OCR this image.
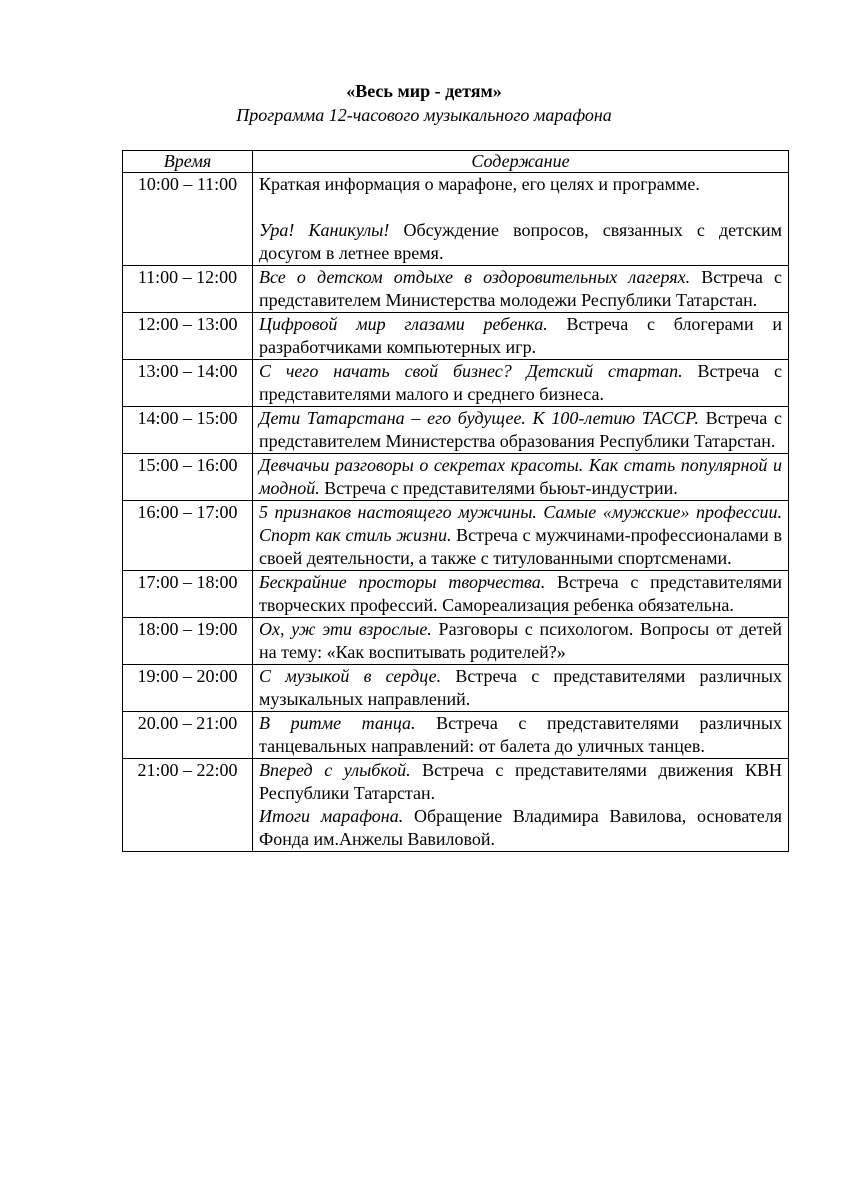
«Весь мир - детям»
Программа 12-часового музыкального марафона
Время	Содержание
10:00 – 11:00	Краткая информация о марафоне, его целях и программе.
Ура! Каникулы! Обсуждение вопросов, связанных с детским досугом в летнее время.

11:00 – 12:00	Все о детском отдыхе в оздоровительных лагерях. Встреча с представителем Министерства молодежи Республики Татарстан.
12:00 – 13:00	Цифровой мир глазами ребенка. Встреча с блогерами и разработчиками компьютерных игр.
13:00 – 14:00	С чего начать свой бизнес? Детский стартап. Встреча с представителями малого и среднего бизнеса.
14:00 – 15:00	Дети Татарстана – его будущее. К 100-летию ТАССР. Встреча с представителем Министерства образования Республики Татарстан.
15:00 – 16:00	Девчачьи разговоры о секретах красоты. Как стать популярной и модной. Встреча с представителями бьюьт-индустрии.
16:00 – 17:00	5 признаков настоящего мужчины. Самые «мужские» профессии. Спорт как стиль жизни. Встреча с мужчинами-профессионалами в своей деятельности, а также с титулованными спортсменами.
17:00 – 18:00	Бескрайние просторы творчества. Встреча с представителями творческих профессий. Самореализация ребенка обязательна.
18:00 – 19:00	Ох, уж эти взрослые. Разговоры с психологом. Вопросы от детей на тему: «Как воспитывать родителей?»
19:00 – 20:00	С музыкой в сердце. Встреча с представителями различных музыкальных направлений.
20.00 – 21:00	В ритме танца. Встреча с представителями различных танцевальных направлений: от балета до уличных танцев.
21:00 – 22:00	Вперед с улыбкой. Встреча с представителями движения КВН Республики Татарстан.
Итоги марафона. Обращение Владимира Вавилова, основателя Фонда им.Анжелы Вавиловой.
